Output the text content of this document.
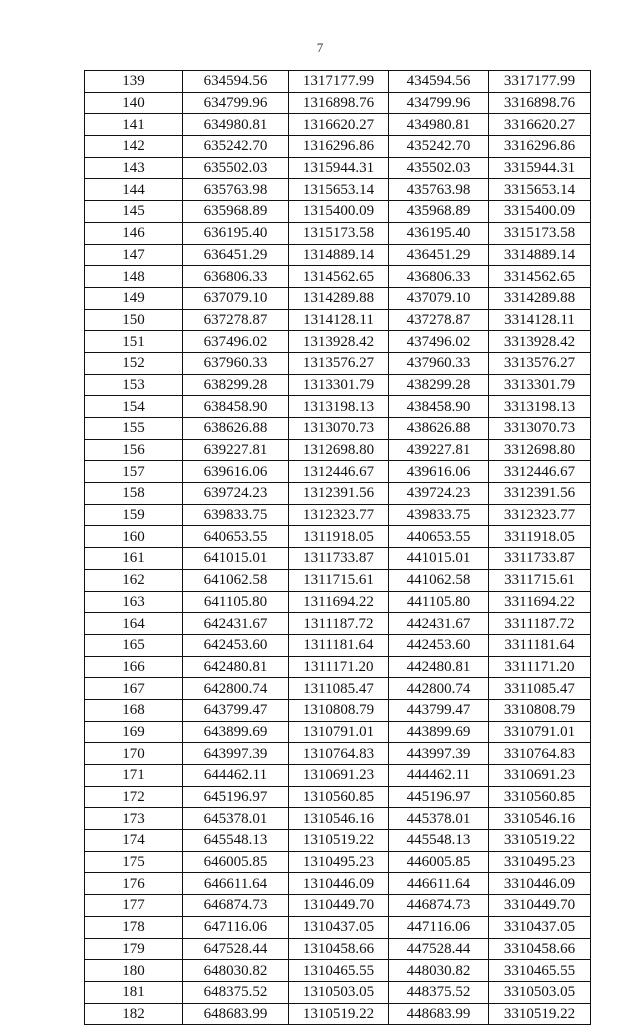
7
139	634594.56	1317177.99	434594.56	3317177.99
140	634799.96	1316898.76	434799.96	3316898.76
141	634980.81	1316620.27	434980.81	3316620.27
142	635242.70	1316296.86	435242.70	3316296.86
143	635502.03	1315944.31	435502.03	3315944.31
144	635763.98	1315653.14	435763.98	3315653.14
145	635968.89	1315400.09	435968.89	3315400.09
146	636195.40	1315173.58	436195.40	3315173.58
147	636451.29	1314889.14	436451.29	3314889.14
148	636806.33	1314562.65	436806.33	3314562.65
149	637079.10	1314289.88	437079.10	3314289.88
150	637278.87	1314128.11	437278.87	3314128.11
151	637496.02	1313928.42	437496.02	3313928.42
152	637960.33	1313576.27	437960.33	3313576.27
153	638299.28	1313301.79	438299.28	3313301.79
154	638458.90	1313198.13	438458.90	3313198.13
155	638626.88	1313070.73	438626.88	3313070.73
156	639227.81	1312698.80	439227.81	3312698.80
157	639616.06	1312446.67	439616.06	3312446.67
158	639724.23	1312391.56	439724.23	3312391.56
159	639833.75	1312323.77	439833.75	3312323.77
160	640653.55	1311918.05	440653.55	3311918.05
161	641015.01	1311733.87	441015.01	3311733.87
162	641062.58	1311715.61	441062.58	3311715.61
163	641105.80	1311694.22	441105.80	3311694.22
164	642431.67	1311187.72	442431.67	3311187.72
165	642453.60	1311181.64	442453.60	3311181.64
166	642480.81	1311171.20	442480.81	3311171.20
167	642800.74	1311085.47	442800.74	3311085.47
168	643799.47	1310808.79	443799.47	3310808.79
169	643899.69	1310791.01	443899.69	3310791.01
170	643997.39	1310764.83	443997.39	3310764.83
171	644462.11	1310691.23	444462.11	3310691.23
172	645196.97	1310560.85	445196.97	3310560.85
173	645378.01	1310546.16	445378.01	3310546.16
174	645548.13	1310519.22	445548.13	3310519.22
175	646005.85	1310495.23	446005.85	3310495.23
176	646611.64	1310446.09	446611.64	3310446.09
177	646874.73	1310449.70	446874.73	3310449.70
178	647116.06	1310437.05	447116.06	3310437.05
179	647528.44	1310458.66	447528.44	3310458.66
180	648030.82	1310465.55	448030.82	3310465.55
181	648375.52	1310503.05	448375.52	3310503.05
182	648683.99	1310519.22	448683.99	3310519.22
